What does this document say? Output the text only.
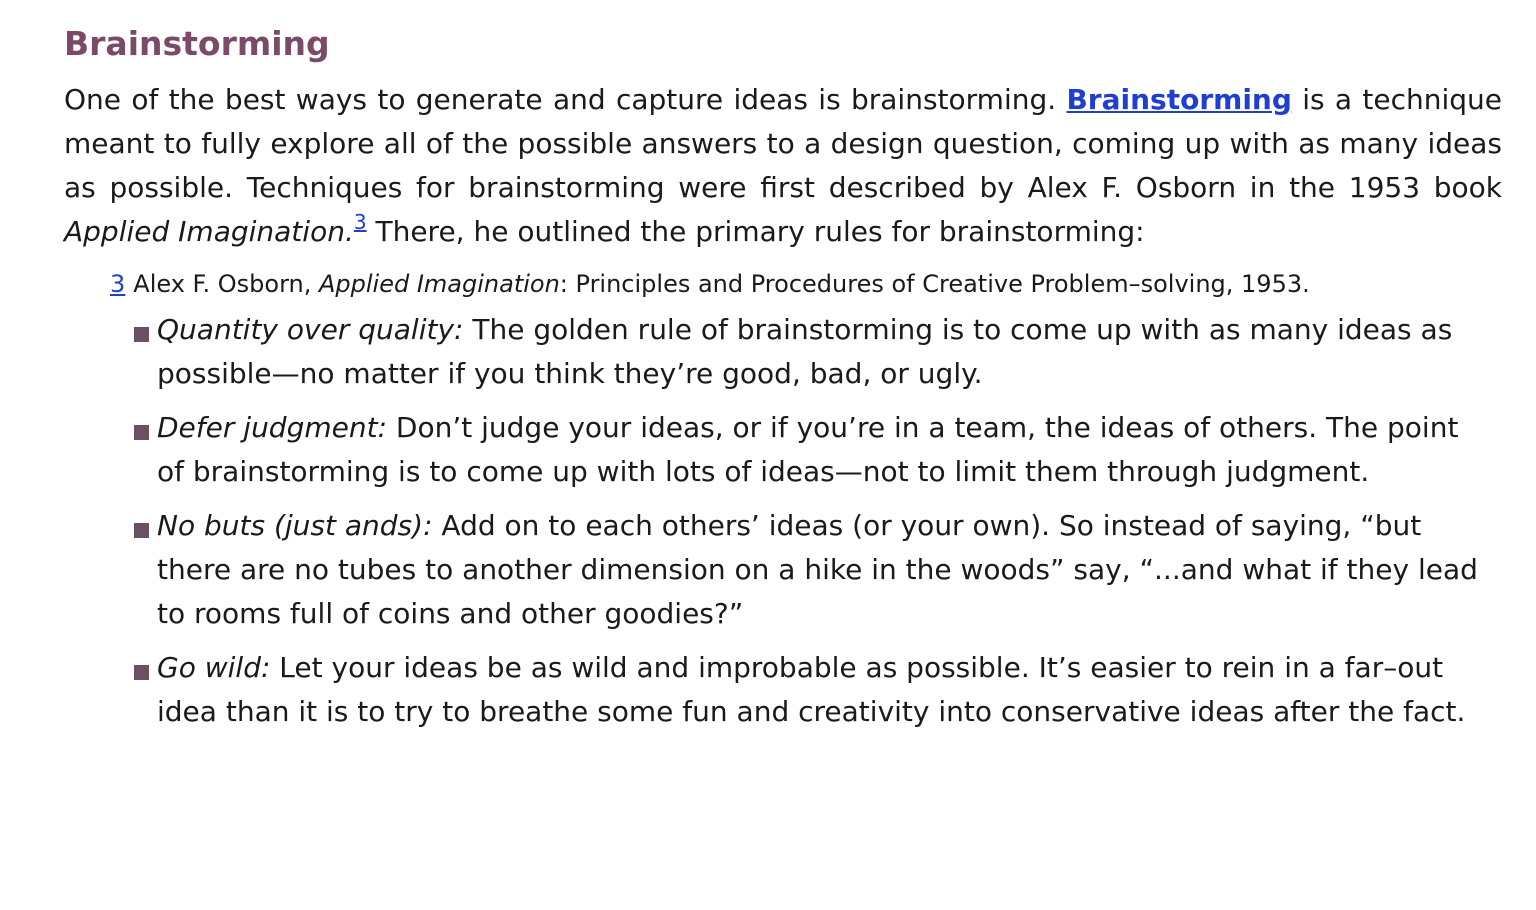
Brainstorming

One of the best ways to generate and capture ideas is brainstorming. Brainstorming is a technique meant to fully explore all of the possible answers to a design question, coming up with as many ideas as possible. Techniques for brainstorming were first described by Alex F. Osborn in the 1953 book Applied Imagination.$^3$ There, he outlined the primary rules for brainstorming:

3 Alex F. Osborn, Applied Imagination: Principles and Procedures of Creative Problem–solving, 1953.
Quantity over quality: The golden rule of brainstorming is to come up with as many ideas as possible—no matter if you think they’re good, bad, or ugly.
Defer judgment: Don’t judge your ideas, or if you’re in a team, the ideas of others. The point of brainstorming is to come up with lots of ideas—not to limit them through judgment.
No buts (just ands): Add on to each others’ ideas (or your own). So instead of saying, “but there are no tubes to another dimension on a hike in the woods” say, “...and what if they lead to rooms full of coins and other goodies?”
Go wild: Let your ideas be as wild and improbable as possible. It’s easier to rein in a far–out idea than it is to try to breathe some fun and creativity into conservative ideas after the fact.
